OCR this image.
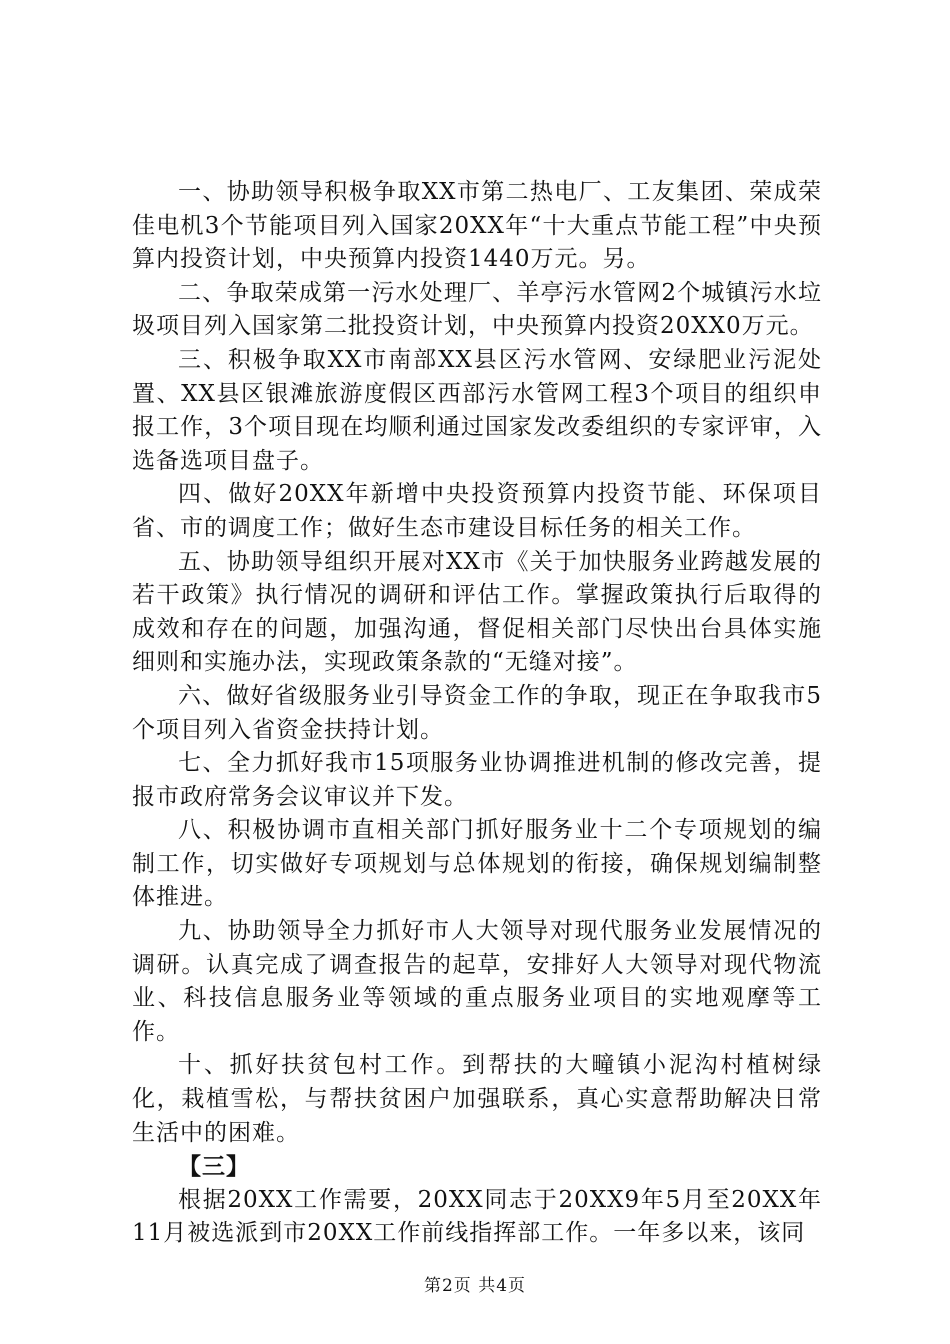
一、协助领导积极争取XX市第二热电厂、工友集团、荣成荣佳电机3个节能项目列入国家20XX年“十大重点节能工程”中央预算内投资计划，中央预算内投资1440万元。另。

二、争取荣成第一污水处理厂、羊亭污水管网2个城镇污水垃圾项目列入国家第二批投资计划，中央预算内投资20XX0万元。

三、积极争取XX市南部XX县区污水管网、安绿肥业污泥处置、XX县区银滩旅游度假区西部污水管网工程3个项目的组织申报工作，3个项目现在均顺利通过国家发改委组织的专家评审，入选备选项目盘子。

四、做好20XX年新增中央投资预算内投资节能、环保项目省、市的调度工作；做好生态市建设目标任务的相关工作。

五、协助领导组织开展对XX市《关于加快服务业跨越发展的若干政策》执行情况的调研和评估工作。掌握政策执行后取得的成效和存在的问题，加强沟通，督促相关部门尽快出台具体实施细则和实施办法，实现政策条款的“无缝对接”。

六、做好省级服务业引导资金工作的争取，现正在争取我市5个项目列入省资金扶持计划。

七、全力抓好我市15项服务业协调推进机制的修改完善，提报市政府常务会议审议并下发。

八、积极协调市直相关部门抓好服务业十二个专项规划的编制工作，切实做好专项规划与总体规划的衔接，确保规划编制整体推进。

九、协助领导全力抓好市人大领导对现代服务业发展情况的调研。认真完成了调查报告的起草，安排好人大领导对现代物流业、科技信息服务业等领域的重点服务业项目的实地观摩等工作。

十、抓好扶贫包村工作。到帮扶的大疃镇小泥沟村植树绿化，栽植雪松，与帮扶贫困户加强联系，真心实意帮助解决日常生活中的困难。

【三】

根据20XX工作需要，20XX同志于20XX9年5月至20XX年11月被选派到市20XX工作前线指挥部工作。一年多以来，该同

第2页 共4页
